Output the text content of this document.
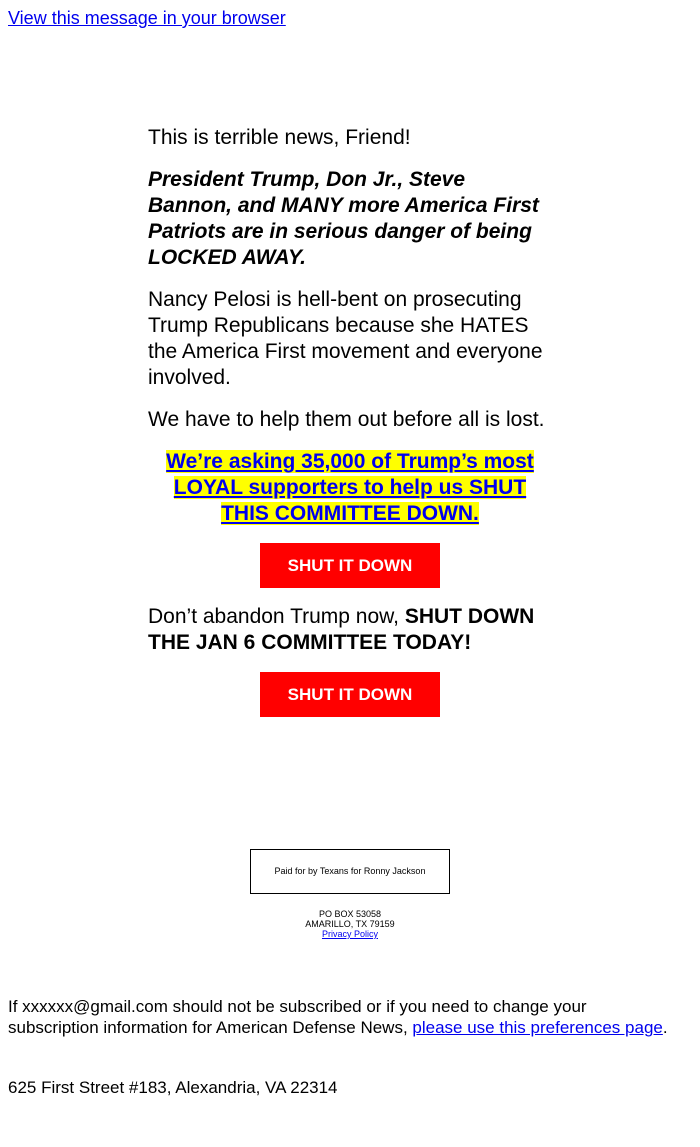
View this message in your browser

This is terrible news, Friend!

President Trump, Don Jr., Steve Bannon, and MANY more America First Patriots are in serious danger of being LOCKED AWAY.

Nancy Pelosi is hell-bent on prosecuting Trump Republicans because she HATES the America First movement and everyone involved.

We have to help them out before all is lost.

We’re asking 35,000 of Trump’s most LOYAL supporters to help us SHUT THIS COMMITTEE DOWN.

SHUT IT DOWN

Don’t abandon Trump now, SHUT DOWN THE JAN 6 COMMITTEE TODAY!

SHUT IT DOWN
Paid for by Texans for Ronny Jackson
PO BOX 53058
AMARILLO, TX 79159
Privacy Policy
If xxxxxx@gmail.com should not be subscribed or if you need to change your subscription information for American Defense News, please use this preferences page.
625 First Street #183, Alexandria, VA 22314
